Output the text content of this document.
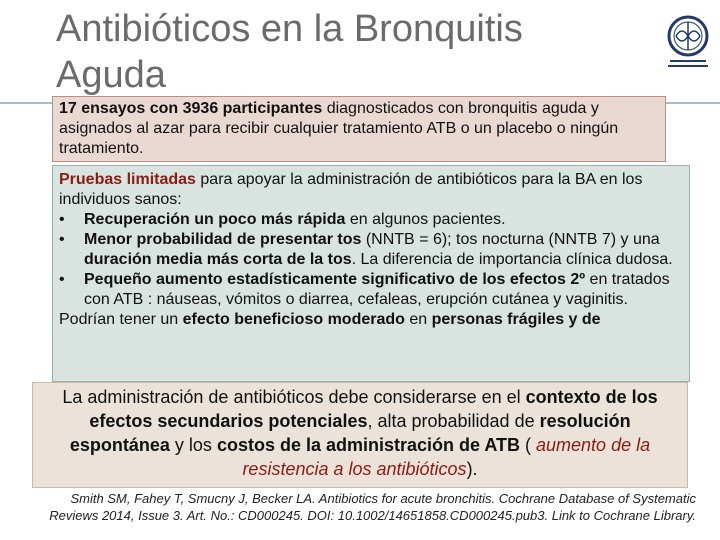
Antibióticos en la Bronquitis
Aguda
17 ensayos con 3936 participantes diagnosticados con bronquitis aguda y asignados al azar para recibir cualquier tratamiento ATB o un placebo o ningún tratamiento.
Pruebas limitadas para apoyar la administración de antibióticos para la BA en los individuos sanos:
• Recuperación un poco más rápida en algunos pacientes.
• Menor probabilidad de presentar tos (NNTB = 6); tos nocturna (NNTB 7) y una duración media más corta de la tos. La diferencia de importancia clínica dudosa.
• Pequeño aumento estadísticamente significativo de los efectos 2º en tratados con ATB : náuseas, vómitos o diarrea, cefaleas, erupción cutánea y vaginitis.
Podrían tener un efecto beneficioso moderado en personas frágiles y de
La administración de antibióticos debe considerarse en el contexto de los efectos secundarios potenciales, alta probabilidad de resolución espontánea y los costos de la administración de ATB ( aumento de la resistencia a los antibióticos).
Smith SM, Fahey T, Smucny J, Becker LA. Antibiotics for acute bronchitis. Cochrane Database of Systematic Reviews 2014, Issue 3. Art. No.: CD000245. DOI: 10.1002/14651858.CD000245.pub3. Link to Cochrane Library.
